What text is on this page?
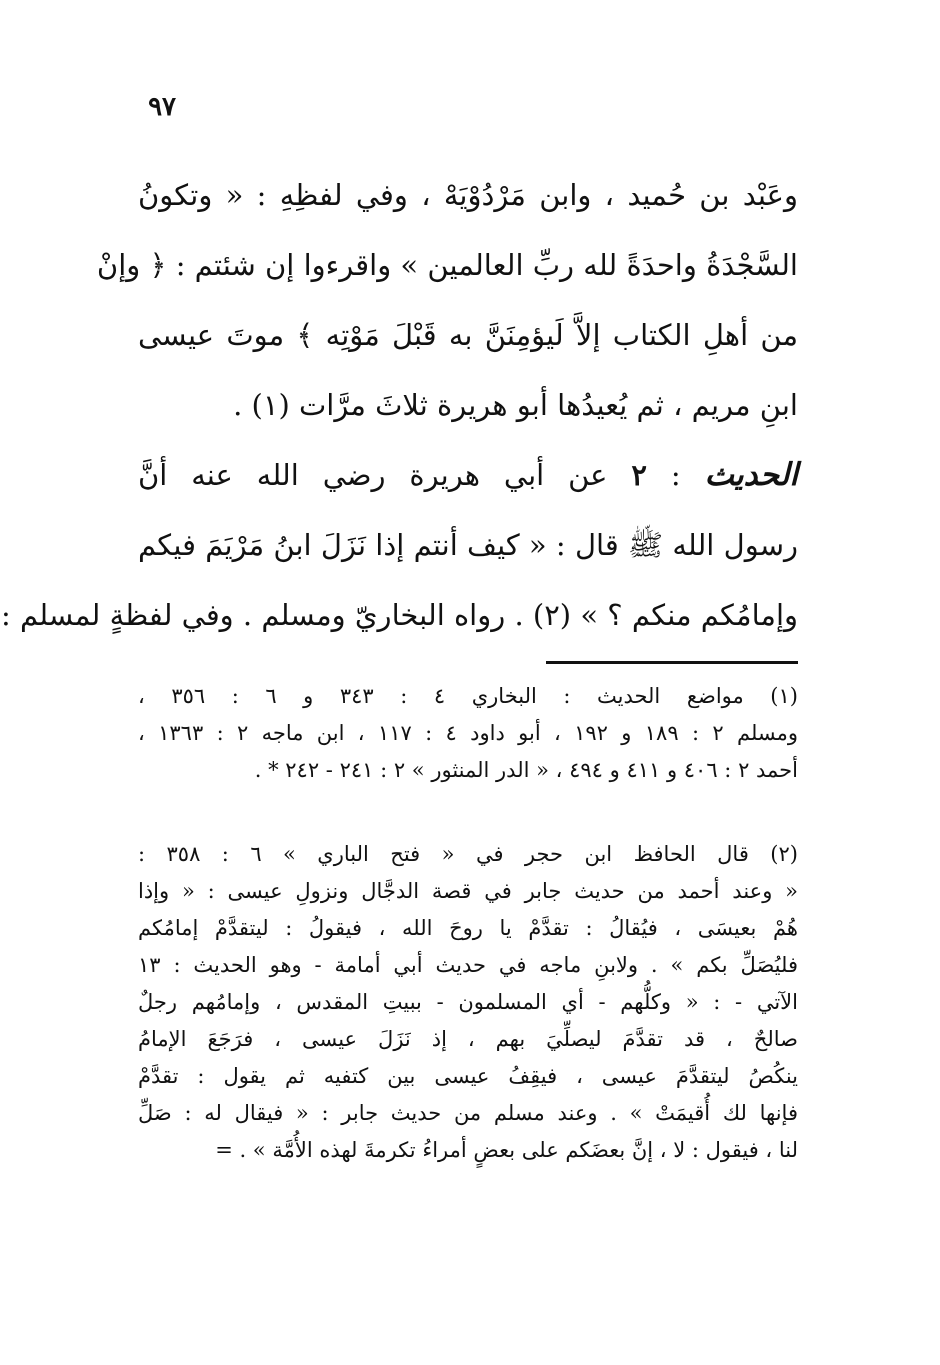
٩٧
وعَبْد بن حُميد ، وابن مَرْدُوْيَهْ ، وفي لفظِهِ : « وتكونُ
السَّجْدَةُ واحدَةً لله ربِّ العالمين » واقرءوا إن شئتم : ﴿ وإنْ
من أهلِ الكتاب إلاَّ لَيؤمِنَنَّ به قَبْلَ مَوْتِه ﴾ موتَ عيسى
ابنِ مريم ، ثم يُعيدُها أبو هريرة ثلاثَ مرَّات (١) .
الحديث : ٢ عن أبي هريرة رضي الله عنه أنَّ
رسول الله ﷺ قال : « كيف أنتم إذا نَزَلَ ابنُ مَرْيَمَ فيكم
وإمامُكم منكم ؟ » (٢) . رواه البخاريّ ومسلم . وفي لفظةٍ لمسلم :
(١) مواضع الحديث : البخاري ٤ : ٣٤٣ و ٦ : ٣٥٦ ،
ومسلم ٢ : ١٨٩ و ١٩٢ ، أبو داود ٤ : ١١٧ ، ابن ماجه ٢ : ١٣٦٣ ،
أحمد ٢ : ٤٠٦ و ٤١١ و ٤٩٤ ، « الدر المنثور » ٢ : ٢٤١ - ٢٤٢ * .
(٢) قال الحافظ ابن حجر في « فتح الباري » ٦ : ٣٥٨ :
« وعند أحمد من حديث جابر في قصة الدجَّال ونزولِ عيسى : « وإذا
هُمْ بعيسَى ، فيُقالُ : تقدَّمْ يا روحَ الله ، فيقولُ : ليتقدَّمْ إمامُكم
فليُصَلِّ بكم » . ولابنِ ماجه في حديث أبي أمامة - وهو الحديث : ١٣
الآتي - : « وكلُّهم - أي المسلمون - ببيتِ المقدس ، وإمامُهم رجلٌ
صالحٌ ، قد تقدَّمَ ليصلِّيَ بهم ، إذ نَزَلَ عيسى ، فرَجَعَ الإمامُ
ينكُصُ ليتقدَّمَ عيسى ، فيقِفُ عيسى بين كتفيه ثم يقول : تقدَّمْ
فإنها لك أُقيمَتْ » . وعند مسلم من حديث جابر : « فيقال له : صَلِّ
لنا ، فيقول : لا ، إنَّ بعضَكم على بعضٍ أمراءُ تكرمةَ لهذه الأُمَّة » . =
